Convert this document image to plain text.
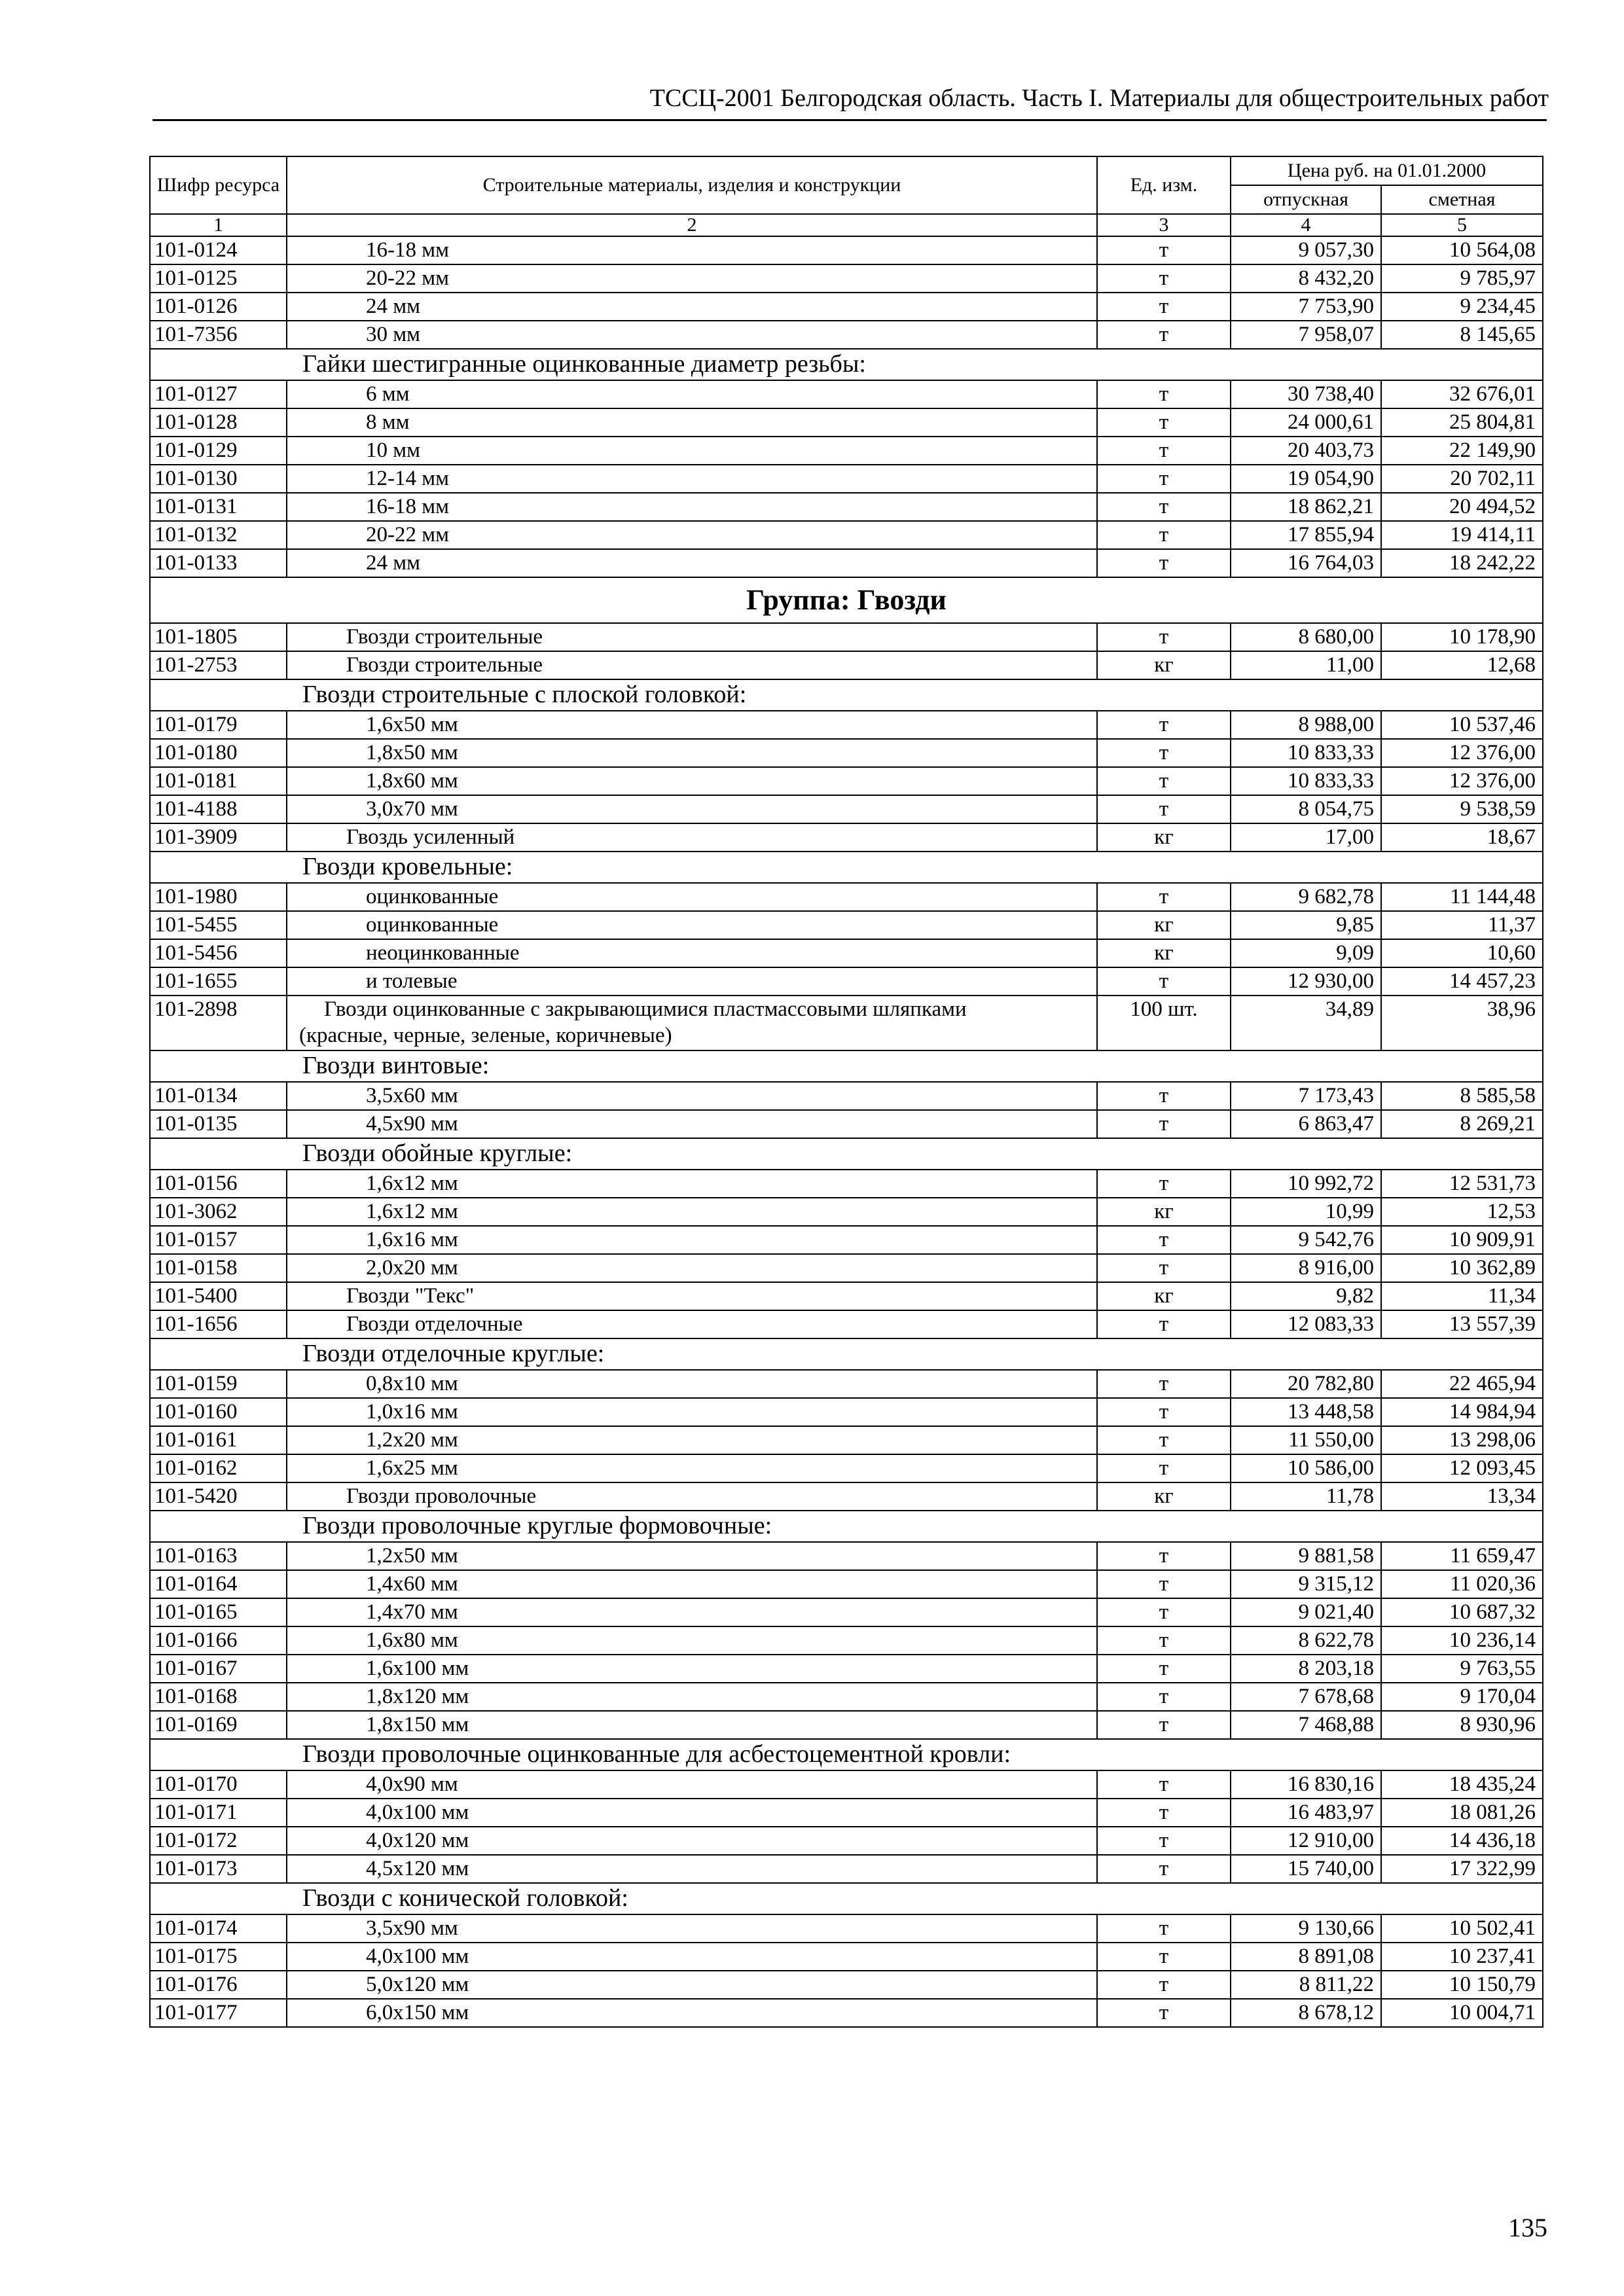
ТССЦ-2001 Белгородская область. Часть I. Материалы для общестроительных работ
Шифр ресурса	Строительные материалы, изделия и конструкции	Ед. изм.	Цена руб. на 01.01.2000	
			отпускная	сметная
1	2	3	4	5
101-0124	16-18 мм	т	9 057,30	10 564,08
101-0125	20-22 мм	т	8 432,20	9 785,97
101-0126	24 мм	т	7 753,90	9 234,45
101-7356	30 мм	т	7 958,07	8 145,65
Гайки шестигранные оцинкованные диаметр резьбы:				
101-0127	6 мм	т	30 738,40	32 676,01
101-0128	8 мм	т	24 000,61	25 804,81
101-0129	10 мм	т	20 403,73	22 149,90
101-0130	12-14 мм	т	19 054,90	20 702,11
101-0131	16-18 мм	т	18 862,21	20 494,52
101-0132	20-22 мм	т	17 855,94	19 414,11
101-0133	24 мм	т	16 764,03	18 242,22
Группа: Гвозди				
101-1805	Гвозди строительные	т	8 680,00	10 178,90
101-2753	Гвозди строительные	кг	11,00	12,68
Гвозди строительные с плоской головкой:				
101-0179	1,6х50 мм	т	8 988,00	10 537,46
101-0180	1,8х50 мм	т	10 833,33	12 376,00
101-0181	1,8х60 мм	т	10 833,33	12 376,00
101-4188	3,0х70 мм	т	8 054,75	9 538,59
101-3909	Гвоздь усиленный	кг	17,00	18,67
Гвозди кровельные:				
101-1980	оцинкованные	т	9 682,78	11 144,48
101-5455	оцинкованные	кг	9,85	11,37
101-5456	неоцинкованные	кг	9,09	10,60
101-1655	и толевые	т	12 930,00	14 457,23
101-2898	Гвозди оцинкованные с закрывающимися пластмассовыми шляпками
(красные, черные, зеленые, коричневые)	100 шт.	34,89	38,96
Гвозди винтовые:				
101-0134	3,5х60 мм	т	7 173,43	8 585,58
101-0135	4,5х90 мм	т	6 863,47	8 269,21
Гвозди обойные круглые:				
101-0156	1,6х12 мм	т	10 992,72	12 531,73
101-3062	1,6х12 мм	кг	10,99	12,53
101-0157	1,6х16 мм	т	9 542,76	10 909,91
101-0158	2,0х20 мм	т	8 916,00	10 362,89
101-5400	Гвозди "Текс"	кг	9,82	11,34
101-1656	Гвозди отделочные	т	12 083,33	13 557,39
Гвозди отделочные круглые:				
101-0159	0,8х10 мм	т	20 782,80	22 465,94
101-0160	1,0х16 мм	т	13 448,58	14 984,94
101-0161	1,2х20 мм	т	11 550,00	13 298,06
101-0162	1,6х25 мм	т	10 586,00	12 093,45
101-5420	Гвозди проволочные	кг	11,78	13,34
Гвозди проволочные круглые формовочные:				
101-0163	1,2х50 мм	т	9 881,58	11 659,47
101-0164	1,4х60 мм	т	9 315,12	11 020,36
101-0165	1,4х70 мм	т	9 021,40	10 687,32
101-0166	1,6х80 мм	т	8 622,78	10 236,14
101-0167	1,6х100 мм	т	8 203,18	9 763,55
101-0168	1,8х120 мм	т	7 678,68	9 170,04
101-0169	1,8х150 мм	т	7 468,88	8 930,96
Гвозди проволочные оцинкованные для асбестоцементной кровли:				
101-0170	4,0х90 мм	т	16 830,16	18 435,24
101-0171	4,0х100 мм	т	16 483,97	18 081,26
101-0172	4,0х120 мм	т	12 910,00	14 436,18
101-0173	4,5х120 мм	т	15 740,00	17 322,99
Гвозди с конической головкой:				
101-0174	3,5х90 мм	т	9 130,66	10 502,41
101-0175	4,0х100 мм	т	8 891,08	10 237,41
101-0176	5,0х120 мм	т	8 811,22	10 150,79
101-0177	6,0х150 мм	т	8 678,12	10 004,71
135
